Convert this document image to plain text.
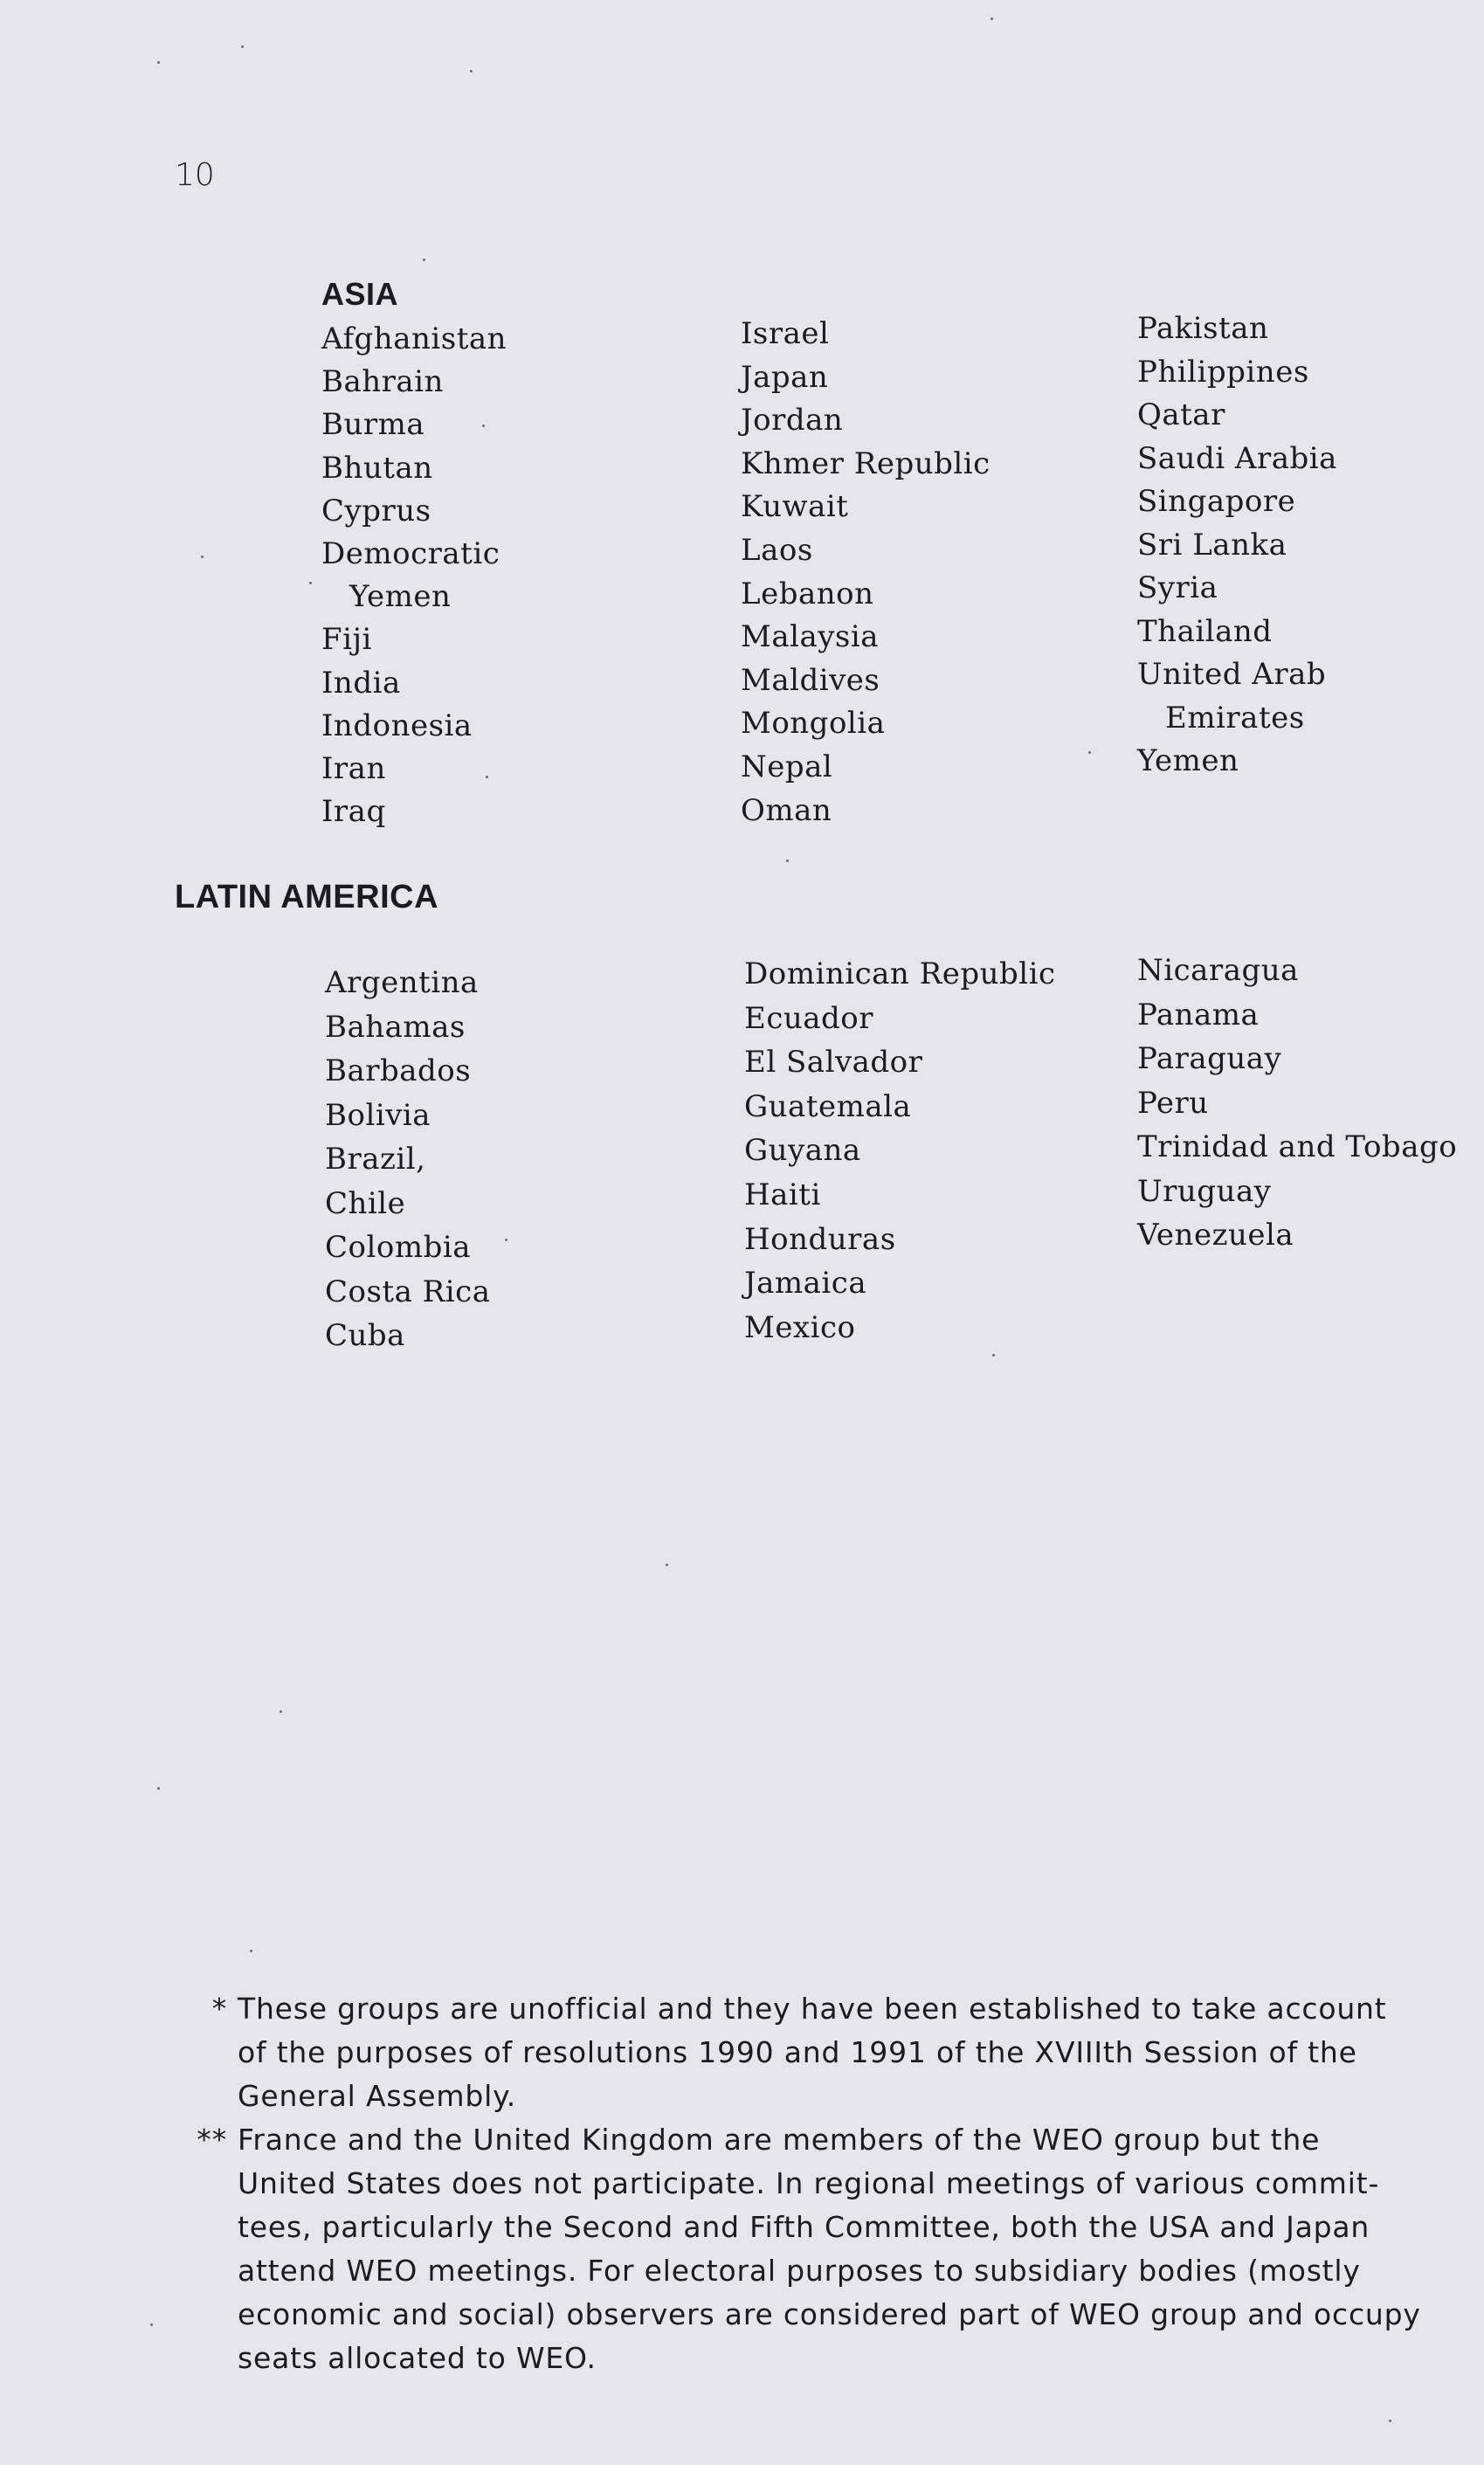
10

ASIA
Afghanistan
Bahrain
Burma
Bhutan
Cyprus
Democratic
Yemen
Fiji
India
Indonesia
Iran
Iraq
Israel
Japan
Jordan
Khmer Republic
Kuwait
Laos
Lebanon
Malaysia
Maldives
Mongolia
Nepal
Oman
Pakistan
Philippines
Qatar
Saudi Arabia
Singapore
Sri Lanka
Syria
Thailand
United Arab
Emirates
Yemen
LATIN AMERICA
Argentina
Bahamas
Barbados
Bolivia
Brazil,
Chile
Colombia
Costa Rica
Cuba
Dominican Republic
Ecuador
El Salvador
Guatemala
Guyana
Haiti
Honduras
Jamaica
Mexico
Nicaragua
Panama
Paraguay
Peru
Trinidad and Tobago
Uruguay
Venezuela
* These groups are unofficial and they have been established to take account
of the purposes of resolutions 1990 and 1991 of the XVIIIth Session of the
General Assembly.
** France and the United Kingdom are members of the WEO group but the
United States does not participate. In regional meetings of various commit-
tees, particularly the Second and Fifth Committee, both the USA and Japan
attend WEO meetings. For electoral purposes to subsidiary bodies (mostly
economic and social) observers are considered part of WEO group and occupy
seats allocated to WEO.
